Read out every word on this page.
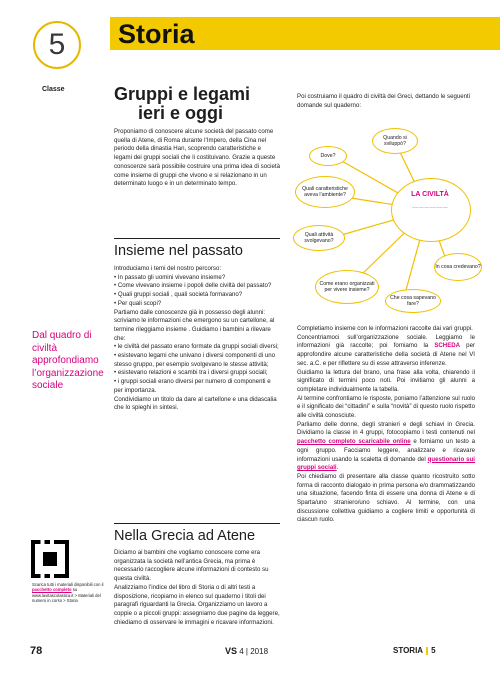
5
Classe
Storia
Gruppi e legami
ieri e oggi

Proponiamo di conoscere alcune società del passato come quella di Atene, di Roma durante l’Impero, della Cina nel periodo della dinastia Han, scoprendo caratteristiche e legami dei gruppi sociali che li costituivano. Grazie a queste conoscenze sarà possibile costruire una prima idea di società come insieme di gruppi che vivono e si relazionano in un determinato luogo e in un determinato tempo.

Insieme nel passato

Introduciamo i temi del nostro percorso:

• In passato gli uomini vivevano insieme?

• Come vivevano insieme i popoli delle civiltà del passato?

• Quali gruppi sociali , quali società formavano?

• Per quali scopi?

Partiamo dalle conoscenze già in possesso degli alunni: scriviamo le informazioni che emergono su un cartellone, al termine rileggiamo insieme . Guidiamo i bambini a rilevare che:

• le civiltà del passato erano formate da gruppi sociali diversi;

• esistevano legami che univano i diversi componenti di uno stesso gruppo, per esempio svolgevano le stesse attività;

• esistevano relazioni e scambi tra i diversi gruppi sociali;

• i gruppi sociali erano diversi per numero di componenti e per importanza.

Condividiamo un titolo da dare al cartellone e una didascalia che lo spieghi in sintesi.

Nella Grecia ad Atene

Diciamo ai bambini che vogliamo conoscere come era organizzata la società nell’antica Grecia, ma prima è necessario raccogliere alcune informazioni di contesto su questa civiltà.

Analizziamo l’indice del libro di Storia o di altri testi a disposizione, ricopiamo in elenco sul quaderno i titoli dei paragrafi riguardanti la Grecia. Organizziamo un lavoro a coppie o a piccoli gruppi: assegniamo due pagine da leggere, chiediamo di osservare le immagini e ricavare informazioni.

Dal quadro di civiltà approfondiamo l’organizzazione sociale
Scarica tutti i materiali disponibili con il pacchetto completo su www.lavitascolastica.it > Materiali del numero in corso > Storia
Poi costruiamo il quadro di civiltà dei Greci, dettando le seguenti domande sul quaderno:
LA CIVILTÀ
………………
Quando si sviluppò?
Dove?
Quali caratteristiche aveva l’ambiente?
Quali attività svolgevano?
Come erano organizzati per vivere insieme?
Che cosa sapevano fare?
In cosa credevano?

Completiamo insieme con le informazioni raccolte dai vari gruppi.

Concentriamoci sull’organizzazione sociale. Leggiamo le informazioni già raccolte; poi forniamo la SCHEDA per approfondire alcune caratteristiche della società di Atene nel VI sec. a.C. e per riflettere su di esse attraverso inferenze.

Guidiamo la lettura del brano, una frase alla volta, chiarendo il significato di termini poco noti. Poi invitiamo gli alunni a completare individualmente la tabella.

Al termine confrontiamo le risposte, poniamo l’attenzione sul ruolo e il significato dei “cittadini” e sulla “novità” di questo ruolo rispetto alle civiltà conosciute.

Parliamo delle donne, degli stranieri e degli schiavi in Grecia. Dividiamo la classe in 4 gruppi, fotocopiamo i testi contenuti nel pacchetto completo scaricabile online e forniamo un testo a ogni gruppo. Facciamo leggere, analizzare e ricavare informazioni usando la scaletta di domande del questionario sui gruppi sociali.

Poi chiediamo di presentare alla classe quanto ricostruito sotto forma di racconto dialogato in prima persona e/o drammatizzando una situazione, facendo finta di essere una donna di Atene e di Sparta/uno straniero/uno schiavo. Al termine, con una discussione collettiva guidiamo a cogliere limiti e opportunità di ciascun ruolo.

78	VS 4 | 2018	STORIA 5
